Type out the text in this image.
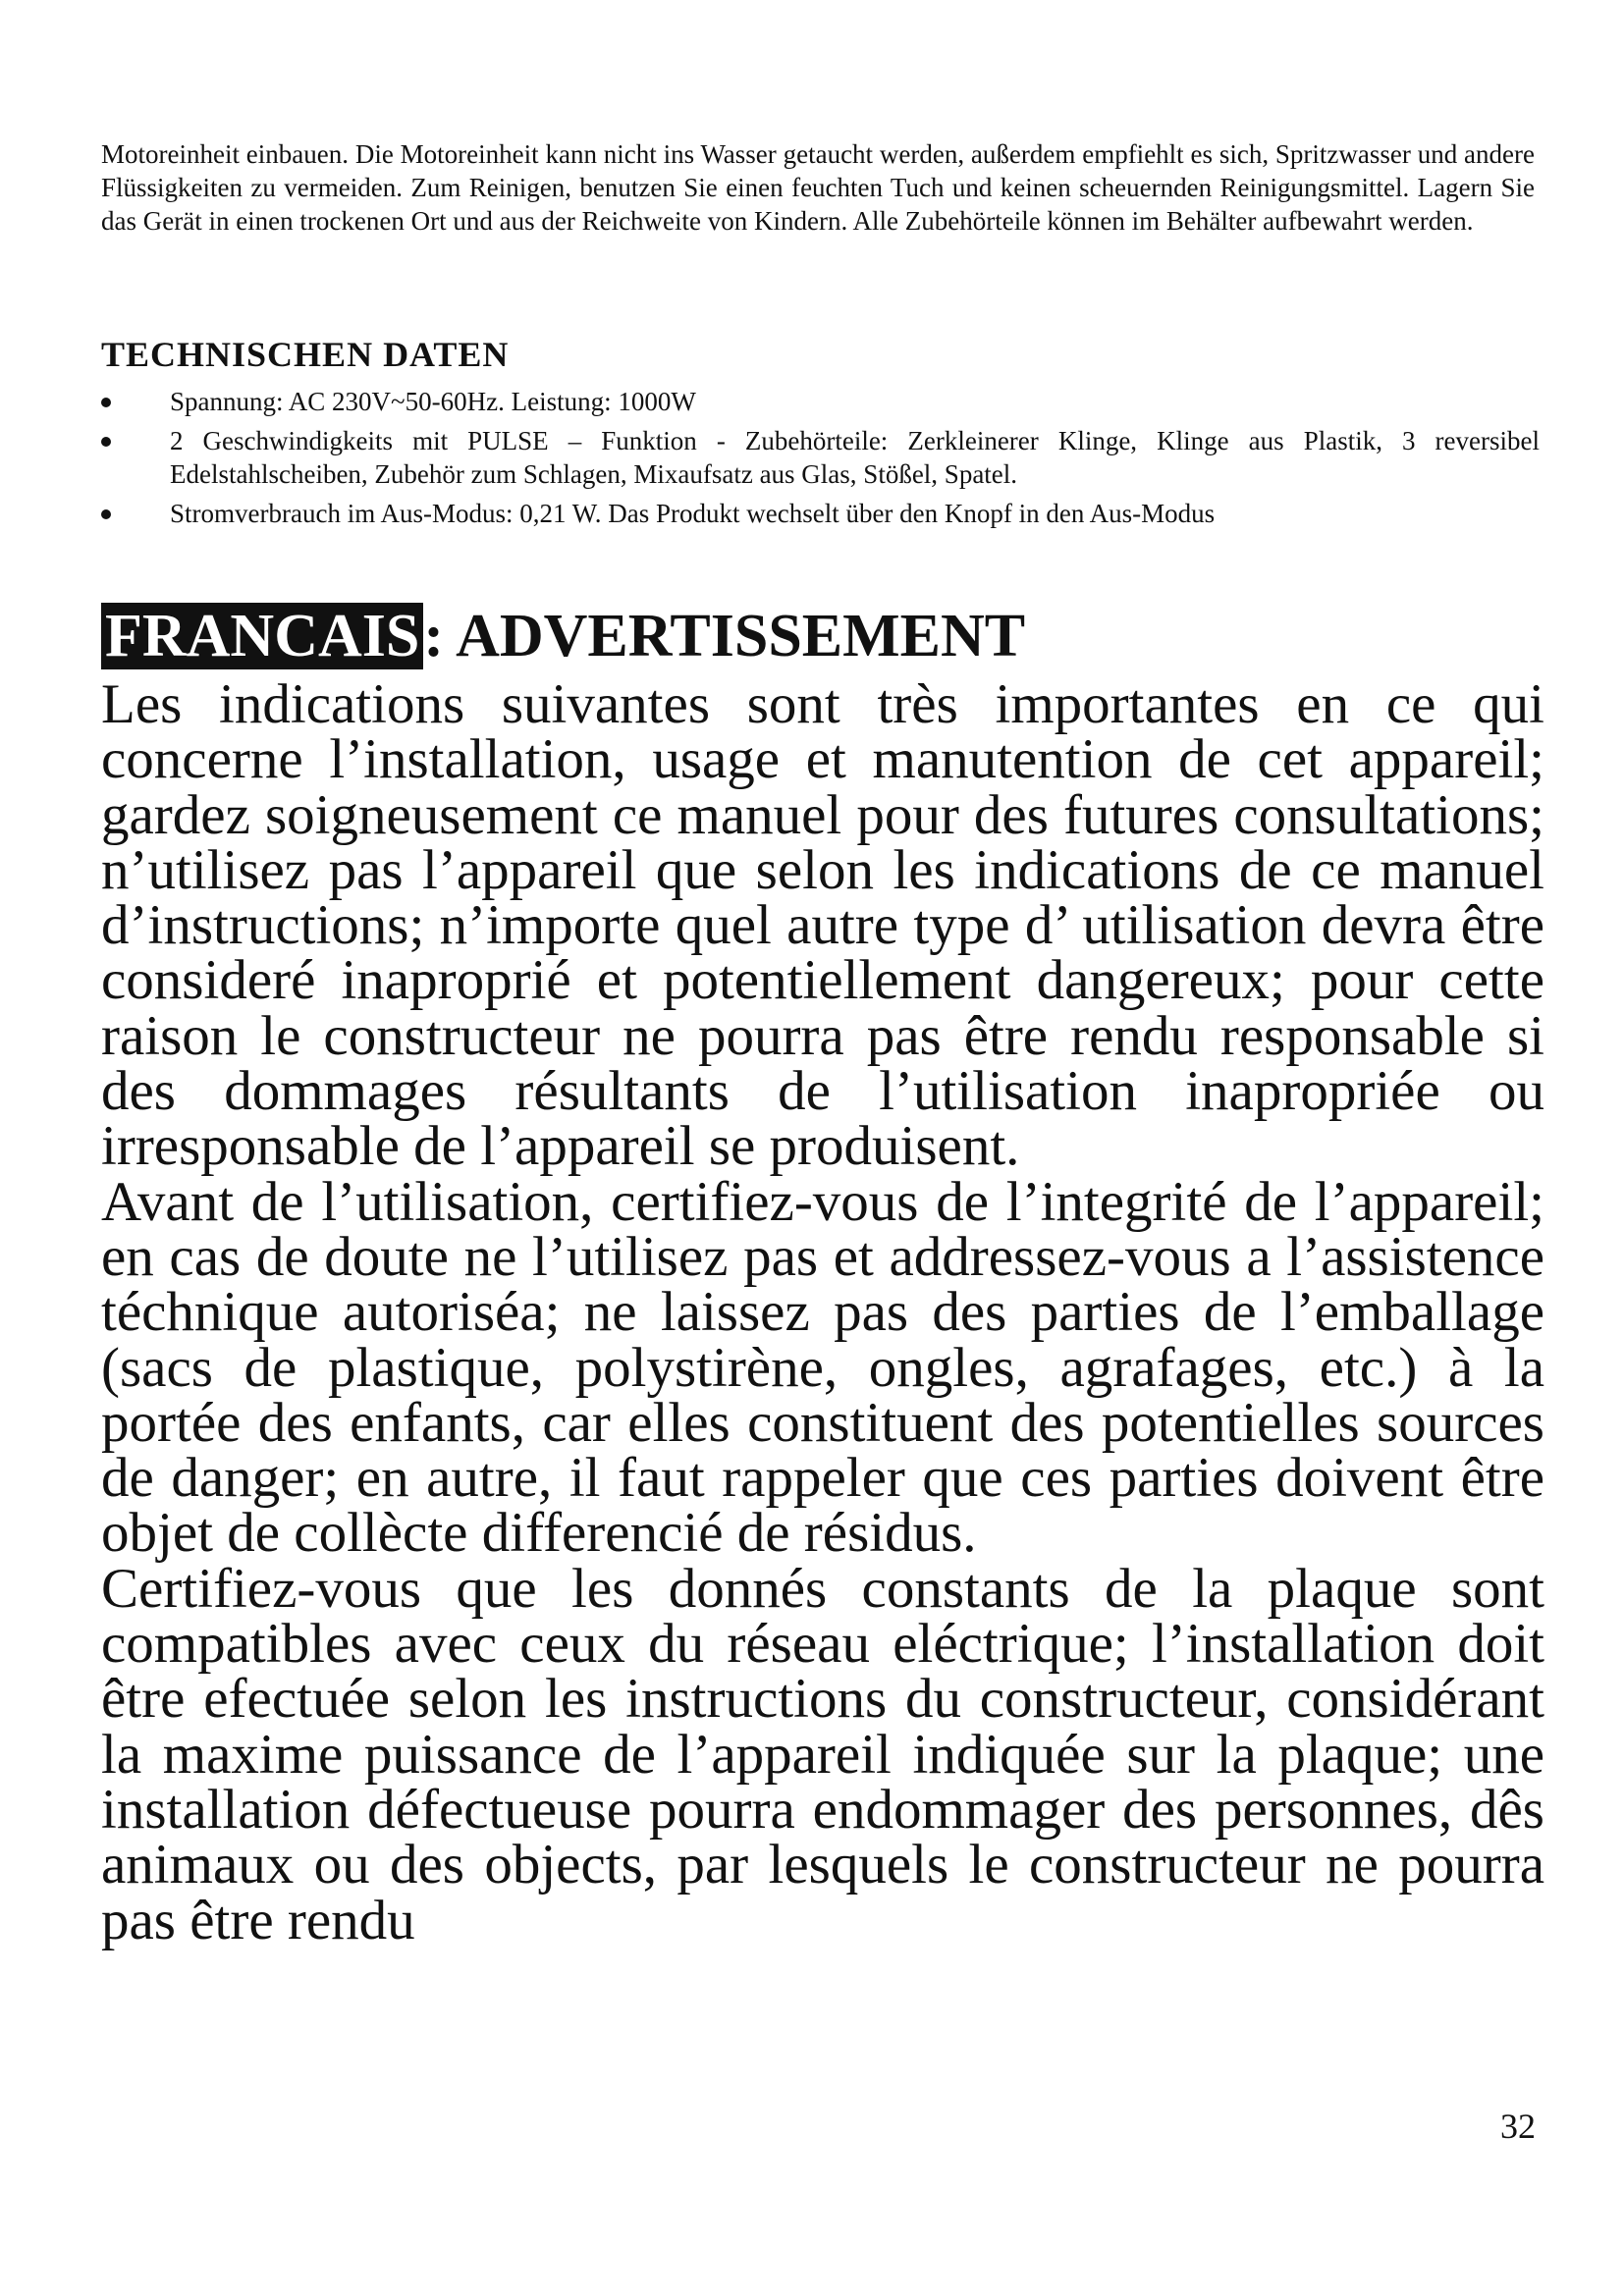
Motoreinheit einbauen. Die Motoreinheit kann nicht ins Wasser getaucht werden, außerdem empfiehlt es sich, Spritzwasser und andere Flüssigkeiten zu vermeiden. Zum Reinigen, benutzen Sie einen feuchten Tuch und keinen scheuernden Reinigungsmittel. Lagern Sie das Gerät in einen trockenen Ort und aus der Reichweite von Kindern. Alle Zubehörteile können im Behälter aufbewahrt werden.

TECHNISCHEN DATEN
Spannung: AC 230V~50-60Hz. Leistung: 1000W
2 Geschwindigkeits mit PULSE – Funktion - Zubehörteile: Zerkleinerer Klinge, Klinge aus Plastik, 3 reversibel Edelstahlscheiben, Zubehör zum Schlagen, Mixaufsatz aus Glas, Stößel, Spatel.
Stromverbrauch im Aus-Modus: 0,21 W. Das Produkt wechselt über den Knopf in den Aus-Modus
FRANCAIS: ADVERTISSEMENT

Les indications suivantes sont très importantes en ce qui concerne l’installation, usage et manutention de cet appareil; gardez soigneusement ce manuel pour des futures consultations; n’utilisez pas l’appareil que selon les indications de ce manuel d’instructions; n’importe quel autre type d’ utilisation devra être consideré inaproprié et potentiellement dangereux; pour cette raison le constructeur ne pourra pas être rendu responsable si des dommages résultants de l’utilisation inapropriée ou irresponsable de l’appareil se produisent.

Avant de l’utilisation, certifiez-vous de l’integrité de l’appareil; en cas de doute ne l’utilisez pas et addressez-vous a l’assistence téchnique autoriséa; ne laissez pas des parties de l’emballage (sacs de plastique, polystirène, ongles, agrafages, etc.) à la portée des enfants, car elles constituent des potentielles sources de danger; en autre, il faut rappeler que ces parties doivent être objet de collècte differencié de résidus.

Certifiez-vous que les donnés constants de la plaque sont compatibles avec ceux du réseau eléctrique; l’installation doit être efectuée selon les instructions du constructeur, considérant la maxime puissance de l’appareil indiquée sur la plaque; une installation défectueuse pourra endommager des personnes, dês animaux ou des objects, par lesquels le constructeur ne pourra pas être rendu

32
